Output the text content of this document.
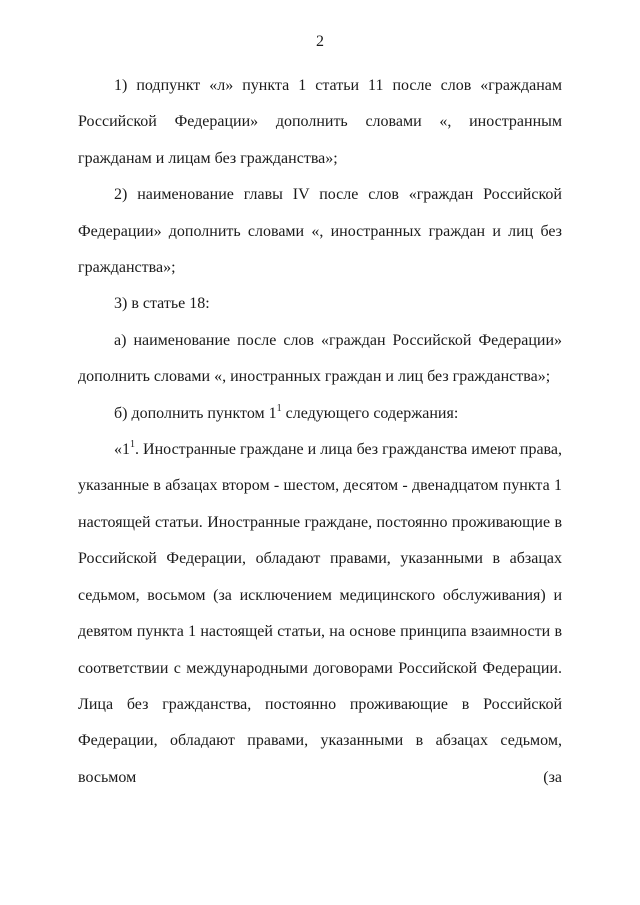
2

1) подпункт «л» пункта 1 статьи 11 после слов «гражданам Российской Федерации» дополнить словами «, иностранным гражданам и лицам без гражданства»;

2) наименование главы IV после слов «граждан Российской Федерации» дополнить словами «, иностранных граждан и лиц без гражданства»;

3) в статье 18:

а) наименование после слов «граждан Российской Федерации» дополнить словами «, иностранных граждан и лиц без гражданства»;

б) дополнить пунктом $1^1$ следующего содержания:

«$1^1$. Иностранные граждане и лица без гражданства имеют права, указанные в абзацах втором - шестом, десятом - двенадцатом пункта 1 настоящей статьи. Иностранные граждане, постоянно проживающие в Российской Федерации, обладают правами, указанными в абзацах седьмом, восьмом (за исключением медицинского обслуживания) и девятом пункта 1 настоящей статьи, на основе принципа взаимности в соответствии с международными договорами Российской Федерации. Лица без гражданства, постоянно проживающие в Российской Федерации, обладают правами, указанными в абзацах седьмом, восьмом (за
